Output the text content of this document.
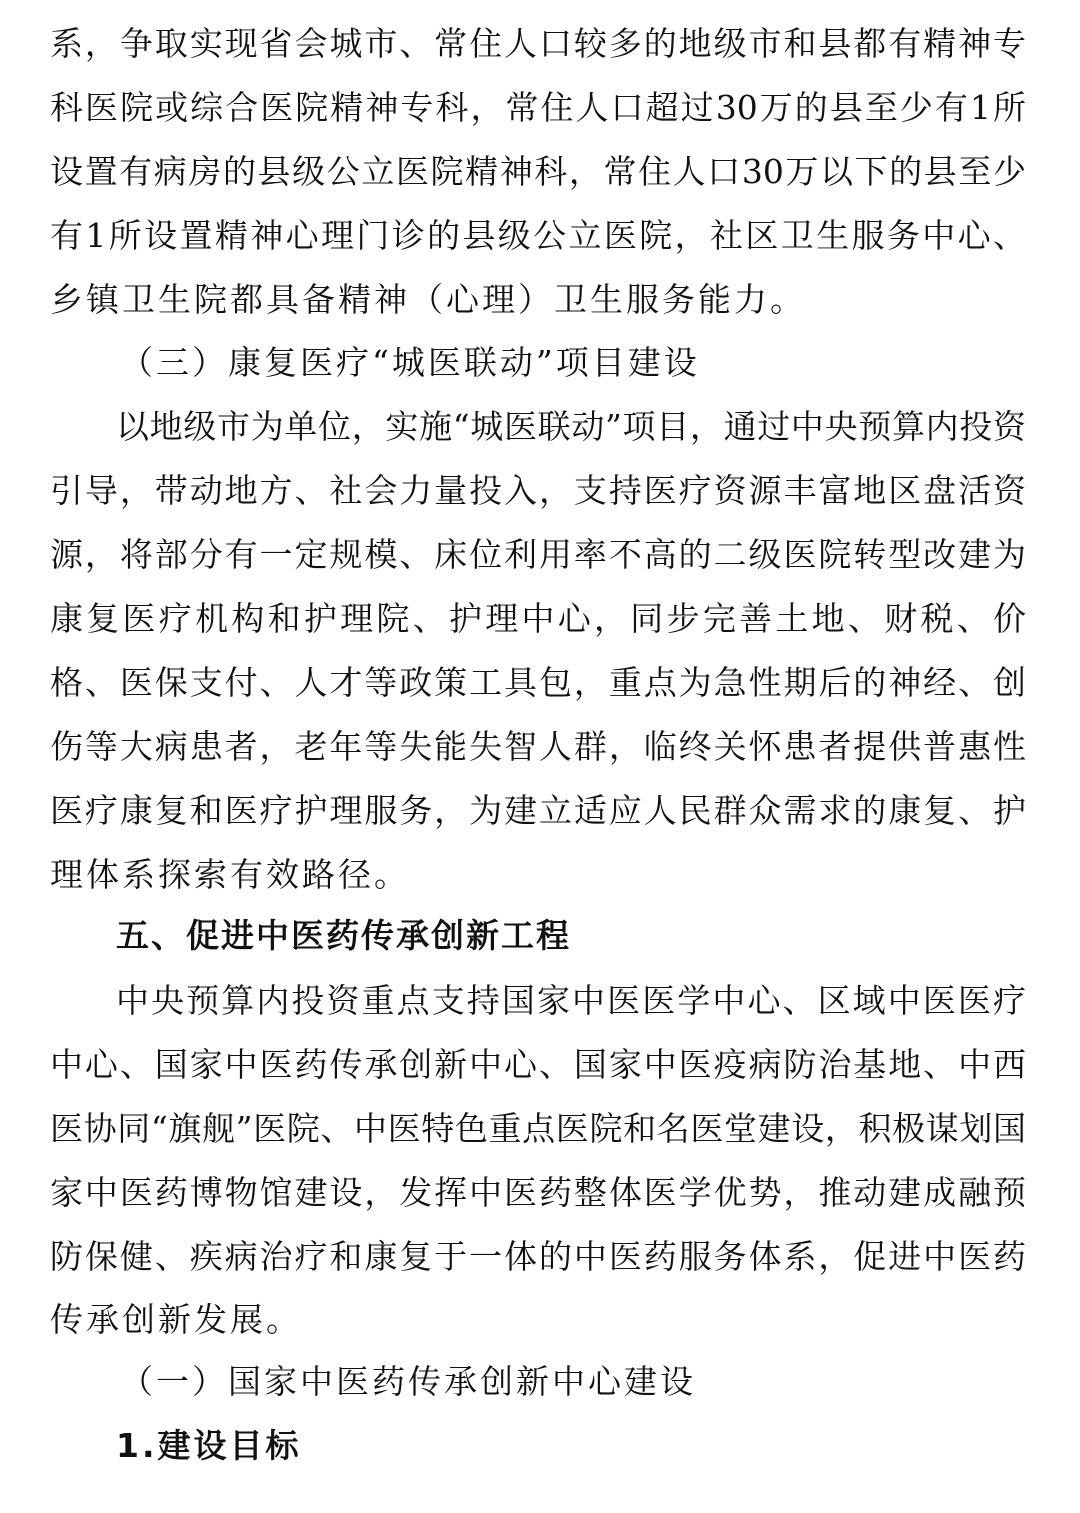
系，争取实现省会城市、常住人口较多的地级市和县都有精神专
科医院或综合医院精神专科，常住人口超过30万的县至少有1所
设置有病房的县级公立医院精神科，常住人口30万以下的县至少
有1所设置精神心理门诊的县级公立医院，社区卫生服务中心、
乡镇卫生院都具备精神（心理）卫生服务能力。
（三）康复医疗“城医联动”项目建设
以地级市为单位，实施“城医联动”项目，通过中央预算内投资
引导，带动地方、社会力量投入，支持医疗资源丰富地区盘活资
源，将部分有一定规模、床位利用率不高的二级医院转型改建为
康复医疗机构和护理院、护理中心，同步完善土地、财税、价
格、医保支付、人才等政策工具包，重点为急性期后的神经、创
伤等大病患者，老年等失能失智人群，临终关怀患者提供普惠性
医疗康复和医疗护理服务，为建立适应人民群众需求的康复、护
理体系探索有效路径。
五、促进中医药传承创新工程
中央预算内投资重点支持国家中医医学中心、区域中医医疗
中心、国家中医药传承创新中心、国家中医疫病防治基地、中西
医协同“旗舰”医院、中医特色重点医院和名医堂建设，积极谋划国
家中医药博物馆建设，发挥中医药整体医学优势，推动建成融预
防保健、疾病治疗和康复于一体的中医药服务体系，促进中医药
传承创新发展。
（一）国家中医药传承创新中心建设
1.建设目标
